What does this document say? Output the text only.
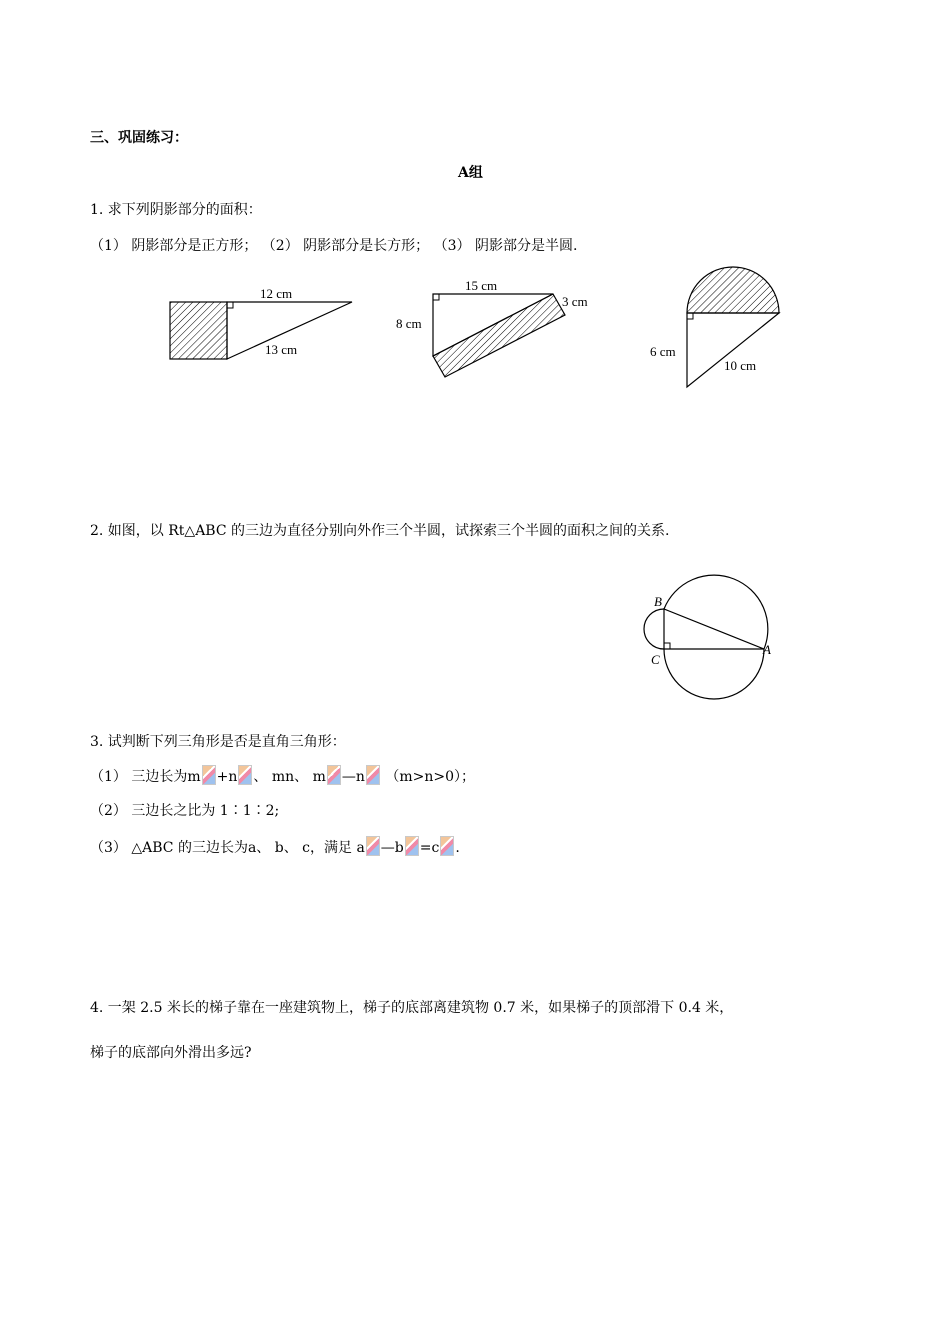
三、巩固练习：
A组
1. 求下列阴影部分的面积：
（1） 阴影部分是正方形； （2） 阴影部分是长方形； （3） 阴影部分是半圆.
12 cm
13 cm
15 cm
8 cm
3 cm
6 cm
10 cm
2. 如图，以 Rt△ABC 的三边为直径分别向外作三个半圆，试探索三个半圆的面积之间的关系.
B
C
A
3. 试判断下列三角形是否是直角三角形：
（1） 三边长为m +n 、 mn、 m —n （m>n>0）；
（2） 三边长之比为 1∶1∶2;
（3） △ABC 的三边长为a、 b、 c，满足 a —b =c .
4. 一架 2.5 米长的梯子靠在一座建筑物上，梯子的底部离建筑物 0.7 米，如果梯子的顶部滑下 0.4 米，
梯子的底部向外滑出多远?
